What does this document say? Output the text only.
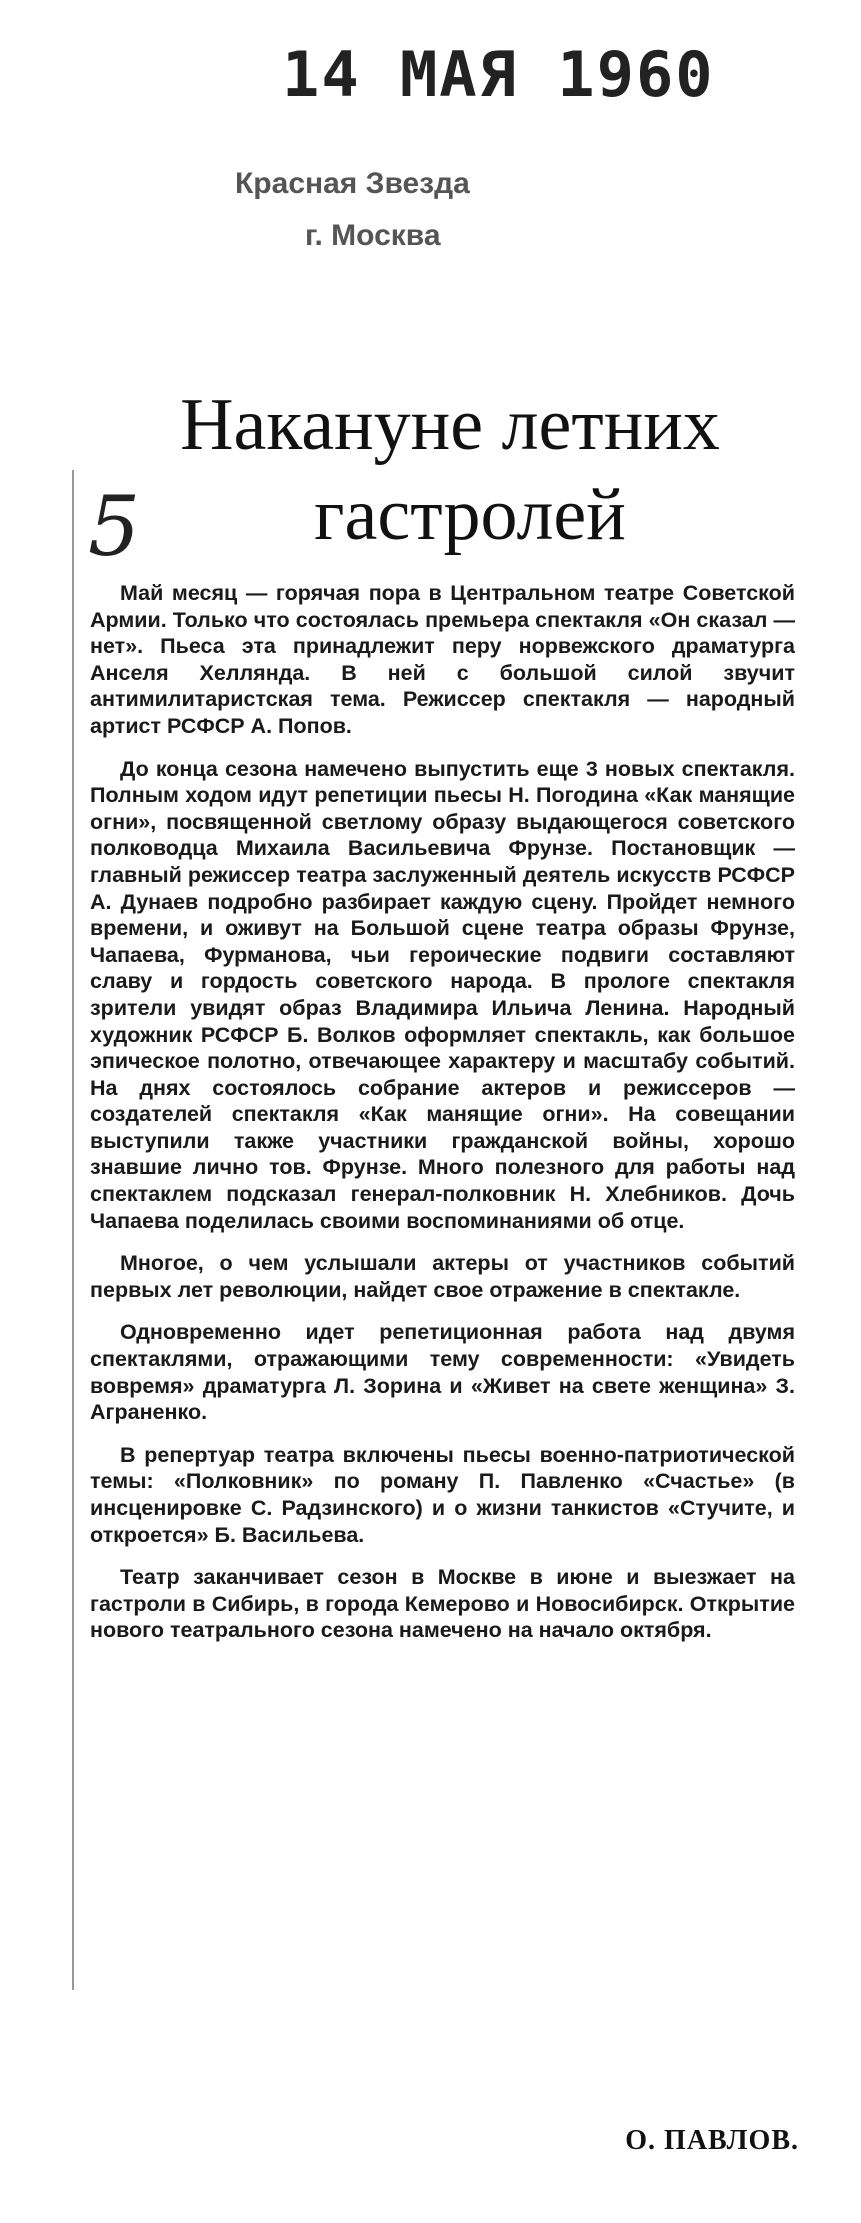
14 МАЯ 1960
Красная Звезда
г. Москва
5
Накануне летних
гастролей

Май месяц — горячая пора в Центральном театре Советской Армии. Только что состоялась премьера спектакля «Он сказал — нет». Пьеса эта принадлежит перу норвежского драматурга Анселя Хелляндa. В ней с большой силой звучит антимилитаристская тема. Режиссер спектакля — народный артист РСФСР А. Попов.

До конца сезона намечено выпустить еще 3 новых спектакля. Полным ходом идут репетиции пьесы Н. Погодина «Как манящие огни», посвященной светлому образу выдающегося советского полководца Михаила Васильевича Фрунзе. Постановщик — главный режиссер театра заслуженный деятель искусств РСФСР А. Дунаев подробно разбирает каждую сцену. Пройдет немного времени, и оживут на Большой сцене театра образы Фрунзе, Чапаева, Фурманова, чьи героические подвиги составляют славу и гордость советского народа. В прологе спектакля зрители увидят образ Владимира Ильича Ленина. Народный художник РСФСР Б. Волков оформляет спектакль, как большое эпическое полотно, отвечающее характеру и масштабу событий. На днях состоялось собрание актеров и режиссеров — создателей спектакля «Как манящие огни». На совещании выступили также участники гражданской войны, хорошо знавшие лично тов. Фрунзе. Много полезного для работы над спектаклем подсказал генерал-полковник Н. Хлебников. Дочь Чапаева поделилась своими воспоминаниями об отце.

Многое, о чем услышали актеры от участников событий первых лет революции, найдет свое отражение в спектакле.

Одновременно идет репетиционная работа над двумя спектаклями, отражающими тему современности: «Увидеть вовремя» драматурга Л. Зорина и «Живет на свете женщина» З. Аграненко.

В репертуар театра включены пьесы военно-патриотической темы: «Полковник» по роману П. Павленко «Счастье» (в инсценировке С. Радзинского) и о жизни танкистов «Стучите, и откроется» Б. Васильева.

Театр заканчивает сезон в Москве в июне и выезжает на гастроли в Сибирь, в города Кемерово и Новосибирск. Открытие нового театрального сезона намечено на начало октября.

О. ПАВЛОВ.
